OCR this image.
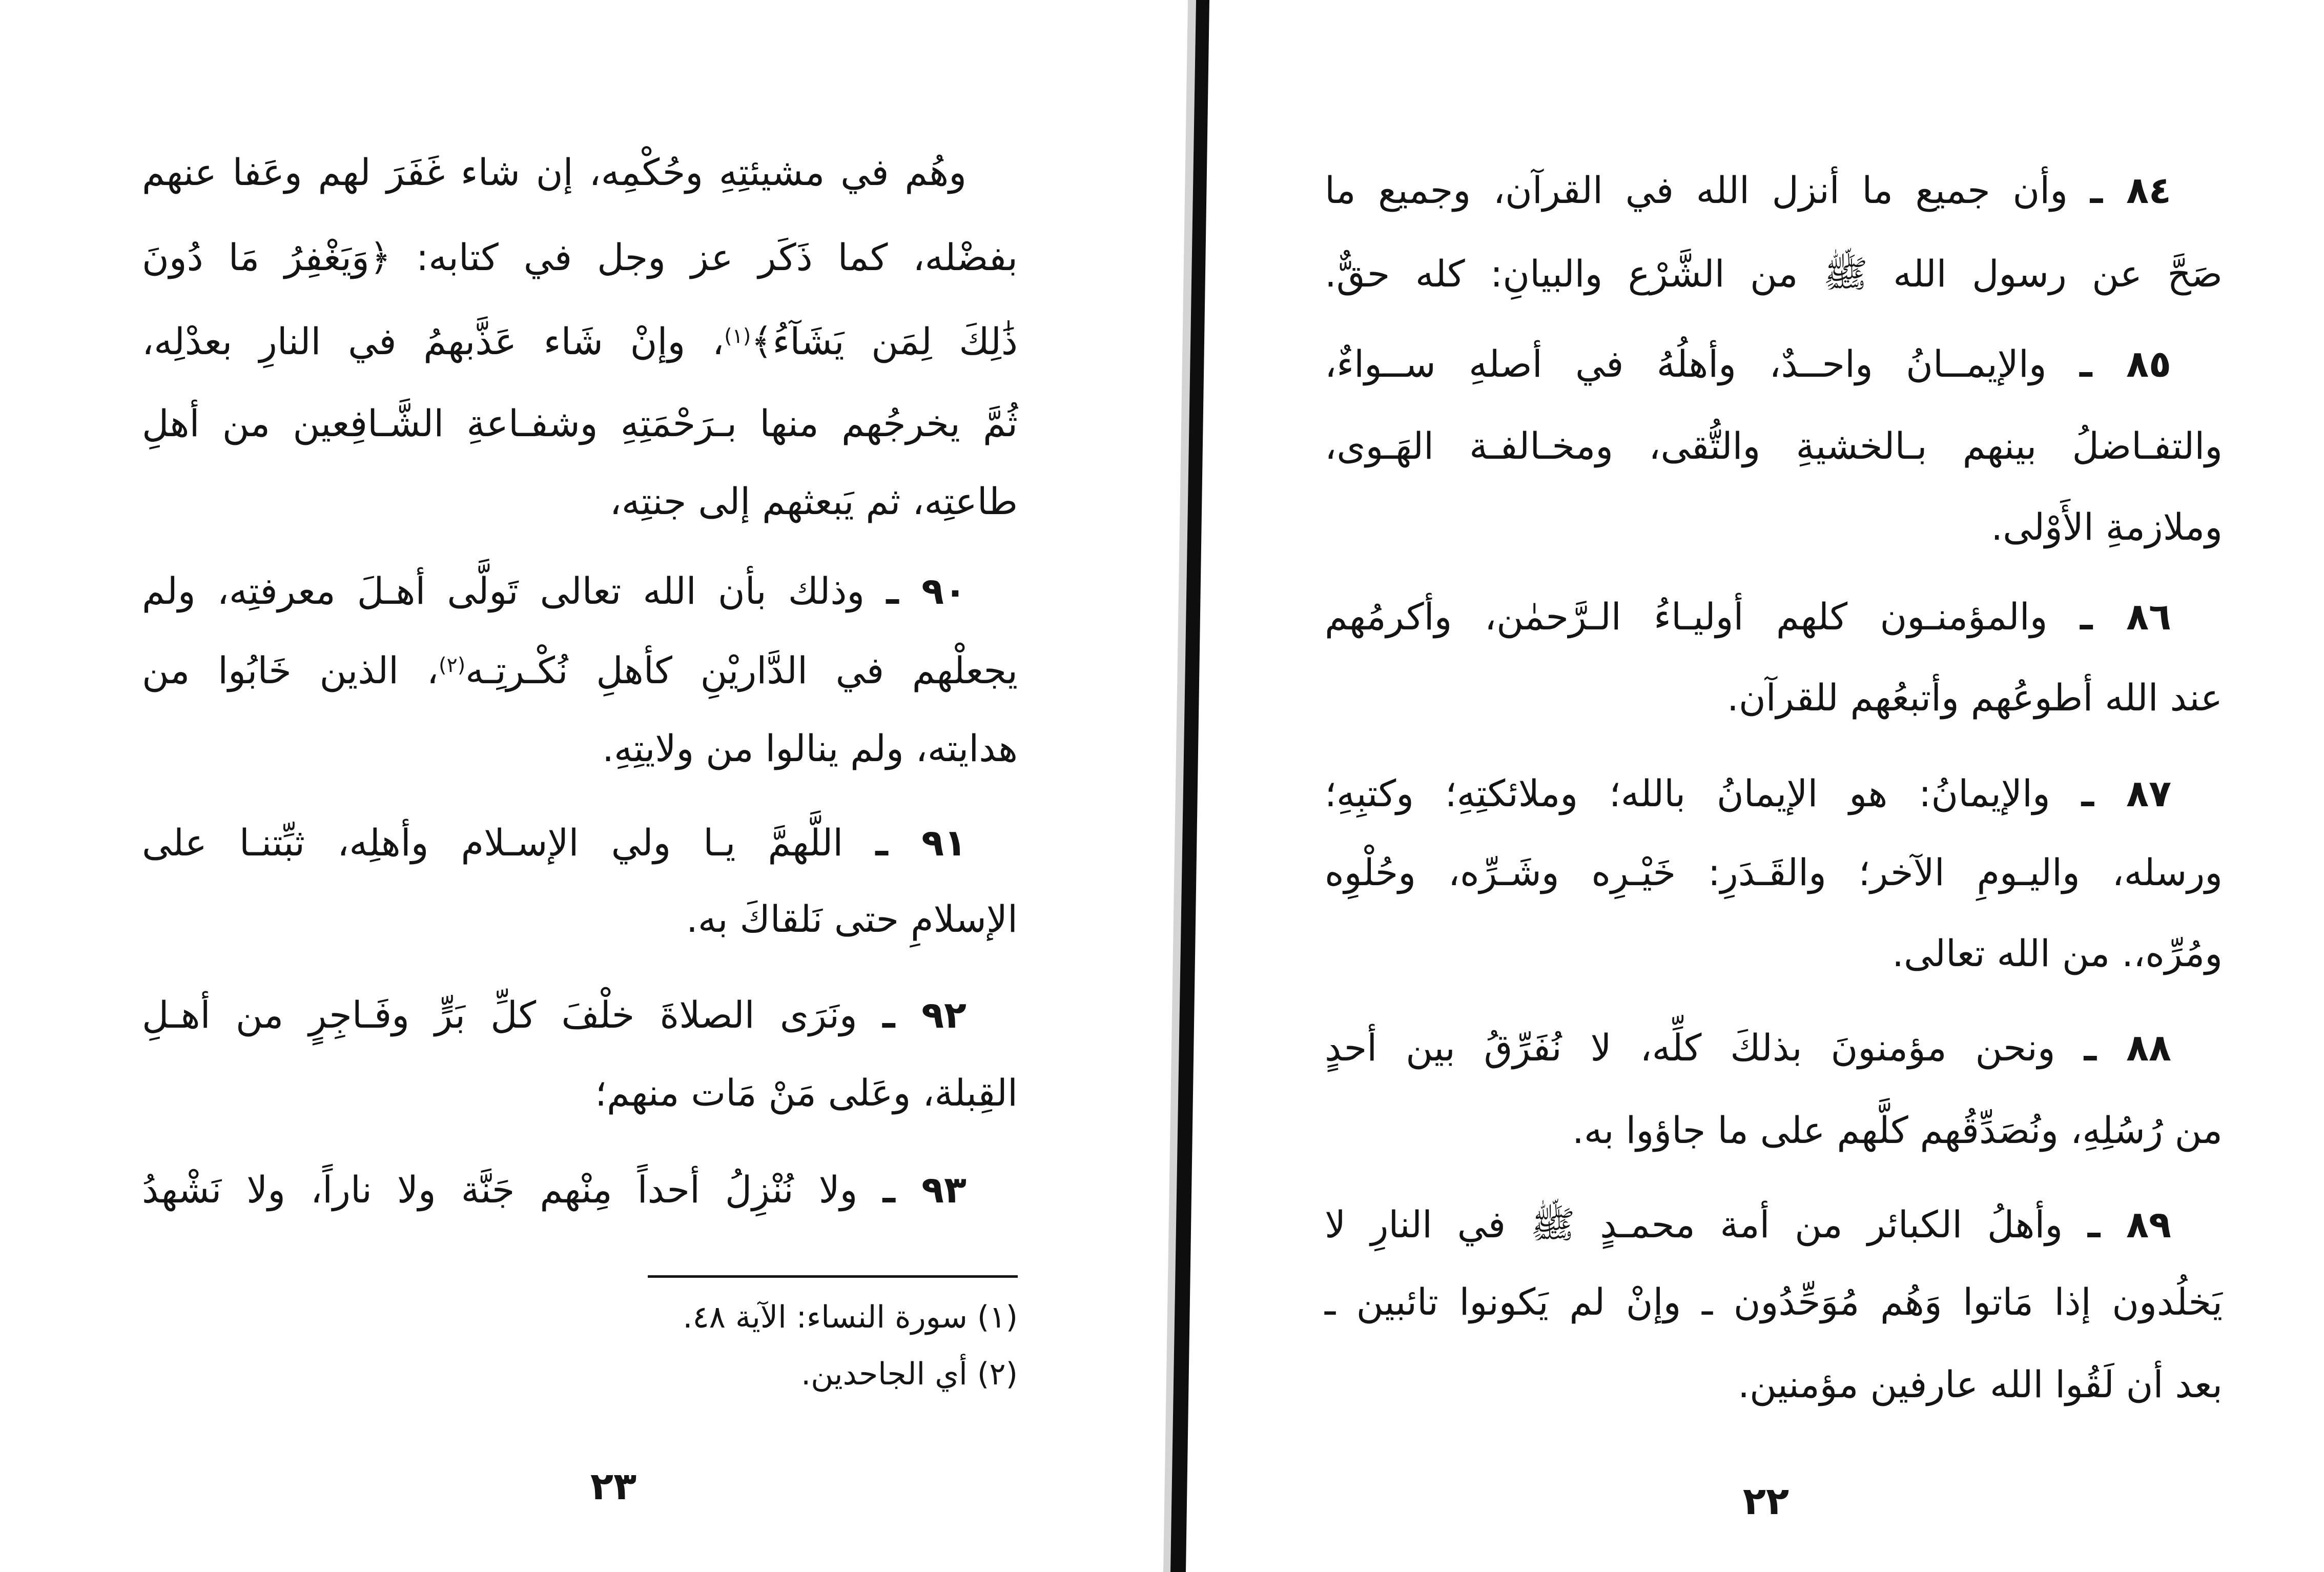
وهُم في مشيئتِهِ وحُكْمِه، إن شاء غَفَرَ لهم وعَفا عنهم
بفضْله، كما ذَكَر عز وجل في كتابه: ﴿وَيَغْفِرُ مَا دُونَ
ذَٰلِكَ لِمَن يَشَآءُ﴾$^{(١)}$، وإنْ شَاء عَذَّبهمُ في النارِ بعدْلِه،
ثُمَّ يخرجُهم منها بـرَحْمَتِهِ وشفـاعةِ الشَّـافِعين من أهلِ
طاعتِه، ثم يَبعثهم إلى جنتِه،
٩٠ ـ وذلك بأن الله تعالى تَولَّى أهـلَ معرفتِه، ولم
يجعلْهم في الدَّاريْنِ كأهلِ نُكْـرتِـه$^{(٢)}$، الذين خَابُوا من
هدايته، ولم ينالوا من ولايتِهِ.
٩١ ـ اللَّهمَّ يـا ولي الإسـلام وأهلِه، ثبِّتنـا على
الإسلامِ حتى نَلقاكَ به.
٩٢ ـ ونَرَى الصلاةَ خلْفَ كلِّ بَرٍّ وفَـاجِرٍ من أهـلِ
القِبلة، وعَلى مَنْ مَات منهم؛
٩٣ ـ ولا نُنْزِلُ أحداً مِنْهم جَنَّة ولا ناراً، ولا نَشْهدُ
(١) سورة النساء: الآية ٤٨.
(٢) أي الجاحدين.
٢٣
٨٤ ـ وأن جميع ما أنزل الله في القرآن، وجميع ما
صَحَّ عن رسول الله ﷺ من الشَّرْع والبيانِ: كله حقٌّ.
٨٥ ـ والإيمــانُ واحــدٌ، وأهلُهُ في أصلهِ ســواءٌ،
والتفـاضلُ بينهم بـالخشيةِ والتُّقى، ومخـالفـة الهَـوى،
وملازمةِ الأَوْلى.
٨٦ ـ والمؤمنـون كلهم أوليـاءُ الـرَّحمٰن، وأكرمُهم
عند الله أطوعُهم وأتبعُهم للقرآن.
٨٧ ـ والإيمانُ: هو الإيمانُ بالله؛ وملائكتِهِ؛ وكتبِهِ؛
ورسله، واليـومِ الآخر؛ والقَـدَرِ: خَيْـرِه وشَـرِّه، وحُلْوِه
ومُرِّه،. من الله تعالى.
٨٨ ـ ونحن مؤمنونَ بذلكَ كلِّه، لا نُفَرِّقُ بين أحدٍ
من رُسُلِهِ، ونُصَدِّقُهم كلَّهم على ما جاؤوا به.
٨٩ ـ وأهلُ الكبائر من أمة محمـدٍ ﷺ في النارِ لا
يَخلُدون إذا مَاتوا وَهُم مُوَحِّدُون ـ وإنْ لم يَكونوا تائبين ـ
بعد أن لَقُوا الله عارفين مؤمنين.
٢٢
